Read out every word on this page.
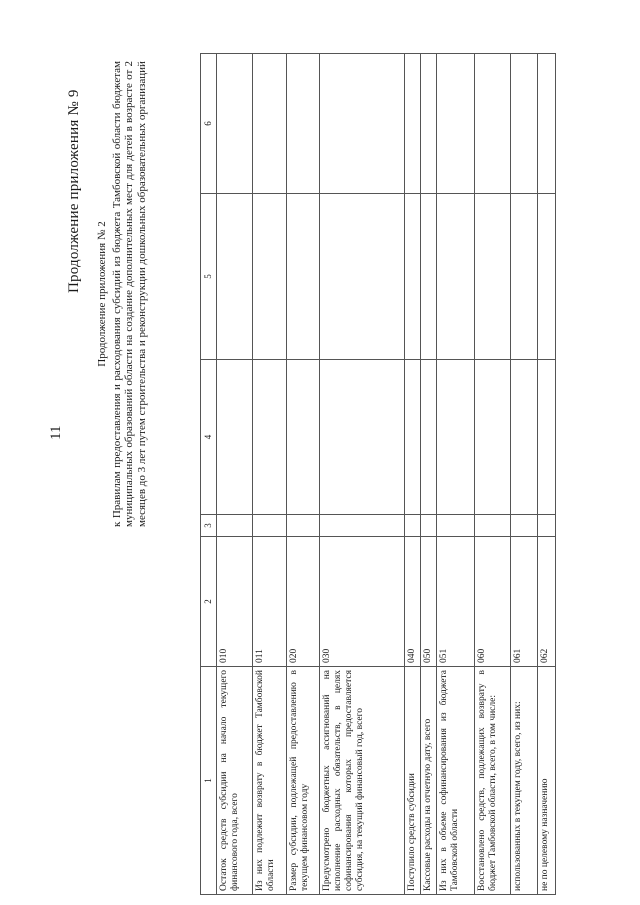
11
Продолжение приложения № 9
Продолжение приложения № 2 к Правилам предоставления и расходования субсидий из бюджета Тамбовской области бюджетам муниципальных образований области на создание дополнительных мест для детей в возрасте от 2 месяцев до 3 лет путем строительства и реконструкции дошкольных образовательных организаций
1	2	3	4	5	6
Остаток средств субсидии на начало текущего финансового года, всего	010				
Из них подлежит возврату в бюджет Тамбовской области	011				
Размер субсидии, подлежащей предоставлению в текущем финансовом году	020				
Предусмотрено бюджетных ассигнований на исполнение расходных обязательств, в целях софинансирования которых предоставляется субсидия, на текущий финансовый год, всего	030				
Поступило средств субсидии	040				
Кассовые расходы на отчетную дату, всего	050				
Из них в объеме софинансирования из бюджета Тамбовской области	051				
Восстановлено средств, подлежащих возврату в бюджет Тамбовской области, всего, в том числе:	060				
использованных в текущем году, всего, из них:	061				
не по целевому назначению	062				
